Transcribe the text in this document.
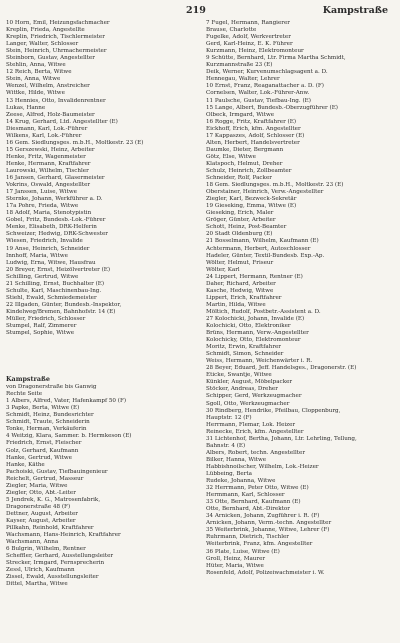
219	Kampstraße
10 Horn, Emil, Heizungsfachmacher
Kreplin, Frieda, Angestellte
Kreplin, Friedrich, Tischlermeister
Langer, Walter, Schlosser
Stein, Heinrich, Uhrmachermeister
Steinborn, Gustav, Angestellter
Stehlin, Anna, Witwe
12 Reich, Berta, Witwe
Stein, Anna, Witwe
Wenzel, Wilhelm, Anstreicher
Wittke, Hilde, Witwe
13 Hennies, Otto, Invalidenrentner
Lukas, Hanne
Zeese, Alfred, Holz-Baumeister
14 Krug, Gerhard, Ltd. Angestellter (E)
Diesmann, Karl, Lok.-Führer
Wilkens, Karl, Lok.-Führer
16 Gem. Siedlungsges. m.b.H., Moltkestr. 23 (E)
15 Gerszewski, Heinz, Arbeiter
Henke, Fritz, Wagenmeister
Henke, Hermann, Kraftfahrer
Laurowski, Wilhelm, Tischler
16 Jansen, Gerhard, Glasermeister
Vokrins, Oswald, Angestellter
17 Janssen, Luise, Witwe
Sternke, Johann, Werkführer a. D.
17a Pohre, Frieda, Witwe
18 Adolf, Maria, Stenotypistin
Gobel, Fritz, Bundesb.-Lok.-Führer
Menke, Elisabeth, DRK-Helferin
Schweizer, Hedwig, DRK-Schwester
Wiesen, Friedrich, Invalide
19 Anse, Heinrich, Schneider
Innhoff, Maria, Witwe
Ludwig, Erna, Witwe, Hausfrau
20 Breyer, Ernst, Heizölvertreter (E)
Schilling, Gertrud, Witwe
21 Schilling, Ernst, Buchhalter (E)
Schulte, Karl, Maschinenbau-Ing.
Stiehl, Ewald, Schmiedemeister
22 Illgaden, Günter, Bundesb.-Inspektor,
Kindelweg/Bremen, Bahnhofstr. 14 (E)
Müller, Friedrich, Schlosser
Stumpel, Ralf, Zimmerer
Stumpel, Sophie, Witwe
Kampstraße
von Dragonerstraße bis Ganwig
Rechte Seite
1 Albers, Alfred, Vater, Hafenkampf 50 (F)
3 Papke, Berta, Witwe (E)
Schmidt, Heinz, Bundesrichter
Schmidt, Traute, Schneiderin
Tonke, Herman, Verkäuferin
4 Weitzig, Klara, Sammer. b. Hermkeson (E)
Friedrich, Ernst, Fleischer
Golz, Gerhard, Kaufmann
Hanke, Gertrud, Witwe
Hanke, Käthe
Pachoiski, Gustav, Tiefbauingenieur
Reichelt, Gertrud, Masseur
Ziegler, Maria, Witwe
Ziegler, Otto, Abt.-Leiter
5 Jendrek, K. G., Matrosenfabrik,
Dragonerstraße 48 (F)
Dettner, August, Arbeiter
Kayser, August, Arbeiter
Pillkahn, Reinhold, Kraftfahrer
Wachsmann, Hans-Heinrich, Kraftfahrer
Wachsmann, Anna
6 Bulgrin, Wilhelm, Rentner
Scheffler, Gerhard, Ausstellungsleiter
Strecker, Irmgard, Fernsprecherin
Zessl, Ulrich, Kaufmann
Zissel, Ewald, Ausstellungsleiter
Dittel, Martha, Witwe
7 Fugel, Hermann, Rangierer
Brause, Charlotte
Fugelke, Adolf, Werkvertreter
Gerd, Karl-Heinz, E. K. Führer
Kurzmann, Heinz, Elektromonteur
9 Schütte, Bernhard, Ltr. Firma Martha Schmidt,
Kurzmannstraße 23 (E)
Deik, Werner, Kurvenumschlagsagent a. D.
Hennegau, Walter, Lehrer
10 Ernst, Franz, Reaganattacher a. D. (F)
Cornelsen, Walter, Lok.-Führer-Anw.
11 Paulsche, Gustav, Tiefbau-Ing. (E)
15 Lange, Albert, Bundesb.-Oberzugführer (E)
Olbeck, Irmgard, Witwe
16 Rogge, Fritz, Kraftfahrer (E)
Eickhoff, Erich, kfm. Angestellter
17 Kappaszes, Adolf, Schlosser (E)
Alten, Herbert, Handelsvertreter
Daumke, Dieter, Bergmann
Götz, Else, Witwe
Klatspoch, Helmut, Dreher
Schulz, Heinrich, Zollbeamter
Schneider, Rolf, Packer
18 Gem. Siedlungsges. m.b.H., Moltkestr. 23 (E)
Oberstainer, Heinrich, Verw.-Angestellter
Ziegler, Karl, Bezweck-Sekretär
19 Gieseking, Emma, Witwe (E)
Gieseking, Erich, Maler
Gröger, Günter, Arbeiter
Schott, Heinz, Post-Beamter
20 Stadt Oldenburg (E)
21 Bosselmann, Wilhelm, Kaufmann (E)
Achtermann, Herbert, Autoschlosser
Hadeler, Günter, Textil-Bundesb. Exp.-Ap.
Wölter, Helmut, Friseur
Wölter, Karl
24 Lippert, Hermann, Rentner (E)
Daher, Richard, Arbeiter
Kasche, Hedwig, Witwe
Lippert, Erich, Kraftfahrer
Martin, Hilda, Witwe
Möltich, Rudolf, Postbetr.-Assistent a. D.
27 Kolochicki, Johann, Invalide (E)
Kolochicki, Otto, Elektroniker
Brüns, Hermann, Verw.-Angestellter
Kolochicky, Otto, Elektromonteur
Moritz, Erwin, Kraftfahrer
Schmidt, Simon, Schneider
Weiss, Hermann, Weichenwärter i. R.
28 Beyer, Eduard, Jeff. Handelsges., Dragonerstr. (E)
Eticke, Swantje, Witwe
Künkler, August, Möbelpacker
Stöcker, Andreas, Dreher
Schipper, Gerd, Werkzeugmacher
Sgoll, Otto, Werkzeugmacher
30 Rindberg, Hendrike, Pfeilbau, Cloppenburg,
Hauptstr. 12 (F)
Herrmann, Flemar, Lok. Heizer
Reinecke, Erich, kfm. Angestellter
31 Lichtenhof, Bertha, Johann, Ltr. Lehrling, Tellung,
Bahnstr. 4 (E)
Albers, Robert, techn. Angestellter
Bilker, Hanna, Witwe
Habbishnoilscher, Wilhelm, Lok.-Heizer
Lübbeing, Berta
Rudeke, Johanna, Witwe
32 Herrmann, Peter Otto, Witwe (E)
Hermmann, Karl, Schlosser
33 Otte, Bernhard, Kaufmann (E)
Otte, Bernhard, Abt.-Direktor
34 Arnicken, Johann, Zugführer i. R. (F)
Arnicken, Johann, Verm.-techn. Angestellter
35 Weiterbrink, Johanne, Witwe, Lehrer (F)
Ruhrmann, Dietrich, Tischler
Weiterbrink, Franz, kfm. Angestellter
36 Plate, Luise, Witwe (E)
Groll, Heinz, Maurer
Hüter, Maria, Witwe
Rosenfeld, Adolf, Polizeiwachmeister i. W.
